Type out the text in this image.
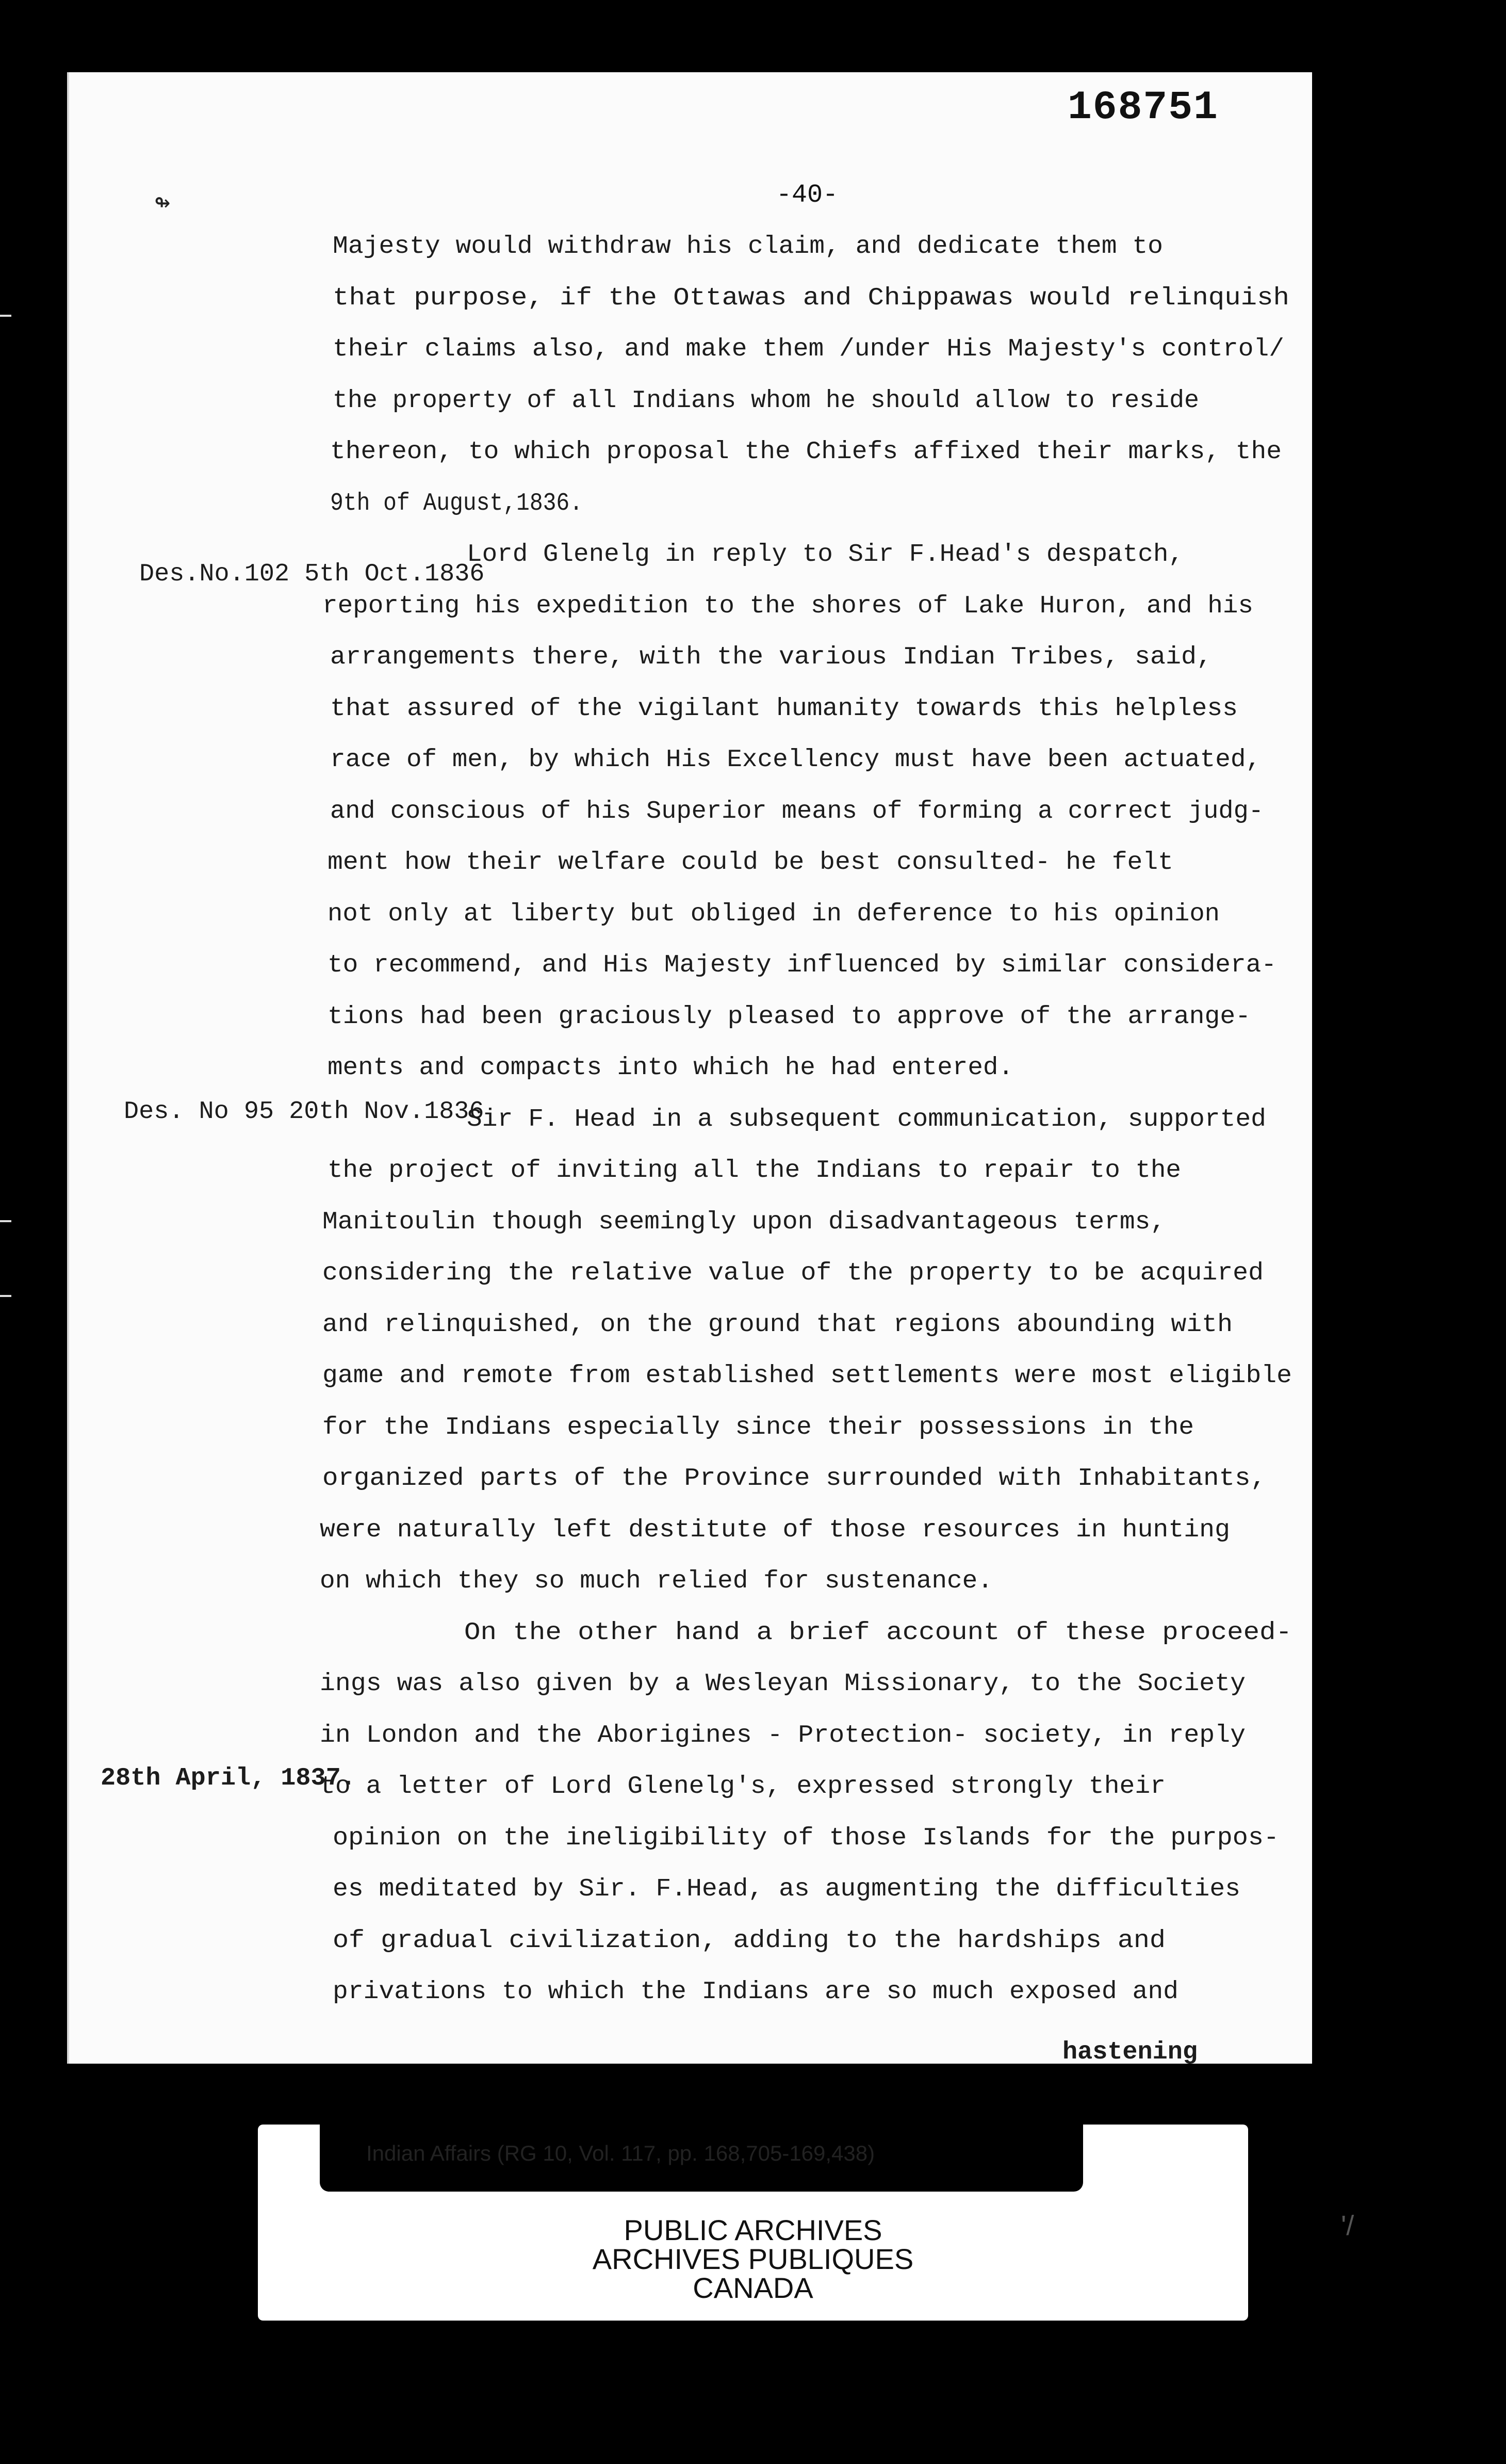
168751
↬	-40-
Des.No.102 5th Oct.1836
Des. No 95 20th Nov.1836
28th April, 1837.
Majesty would withdraw his claim, and dedicate them to
that purpose, if the Ottawas and Chippawas would relinquish
their claims also, and make them /under His Majesty's control/
the property of all Indians whom he should allow to reside
thereon, to which proposal the Chiefs affixed their marks, the
9th of August,1836.
Lord Glenelg in reply to Sir F.Head's despatch,
reporting his expedition to the shores of Lake Huron, and his
arrangements there, with the various Indian Tribes, said,
that assured of the vigilant humanity towards this helpless
race of men, by which His Excellency must have been actuated,
and conscious of his Superior means of forming a correct judg-
ment how their welfare could be best consulted- he felt
not only at liberty but obliged in deference to his opinion
to recommend, and His Majesty influenced by similar considera-
tions had been graciously pleased to approve of the arrange-
ments and compacts into which he had entered.
Sir F. Head in a subsequent communication, supported
the project of inviting all the Indians to repair to the
Manitoulin though seemingly upon disadvantageous terms,
considering the relative value of the property to be acquired
and relinquished, on the ground that regions abounding with
game and remote from established settlements were most eligible
for the Indians especially since their possessions in the
organized parts of the Province surrounded with Inhabitants,
were naturally left destitute of those resources in hunting
on which they so much relied for sustenance.
On the other hand a brief account of these proceed-
ings was also given by a Wesleyan Missionary, to the Society
in London and the Aborigines - Protection- society, in reply
to a letter of Lord Glenelg's, expressed strongly their
opinion on the ineligibility of those Islands for the purpos-
es meditated by Sir. F.Head, as augmenting the difficulties
of gradual civilization, adding to the hardships and
privations to which the Indians are so much exposed and
hastening
Indian Affairs (RG 10, Vol. 117, pp. 168,705-169,438)
PUBLIC ARCHIVES
ARCHIVES PUBLIQUES
CANADA
'/
